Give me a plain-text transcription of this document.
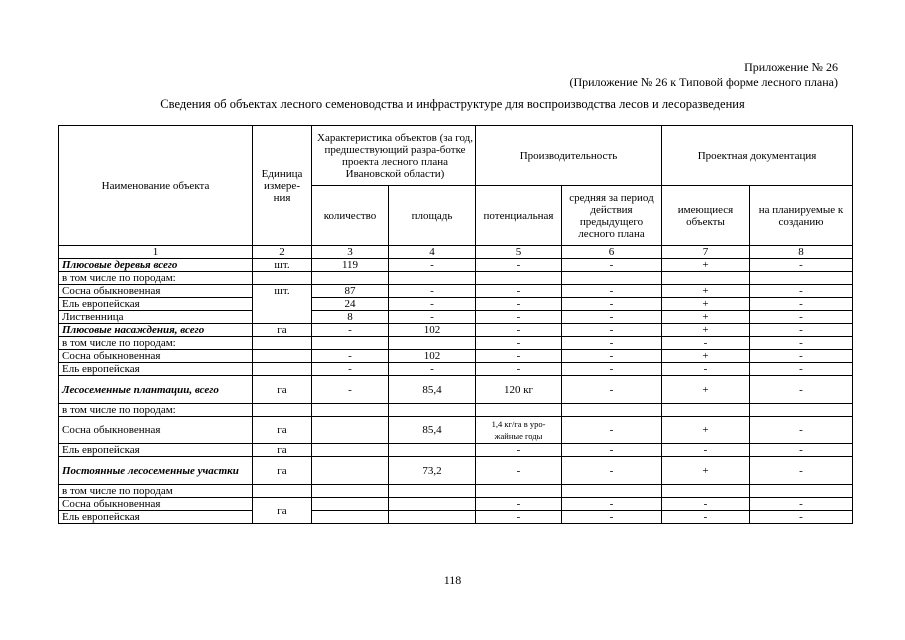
Приложение № 26
(Приложение № 26 к Типовой форме лесного плана)
Сведения об объектах лесного семеноводства и инфраструктуре для воспроизводства лесов и лесоразведения
Наименование объекта	Единица измере-ния	Характеристика объектов (за год, предшествующий разра-ботке проекта лесного плана Ивановской области)		Производительность		Проектная документация	
		количество	площадь	потенциальная	средняя за период действия предыдущего лесного плана	имеющиеся объекты	на планируемые к созданию
1	2	3	4	5	6	7	8
Плюсовые деревья всего	шт.	119	-	-	-	+	-
в том числе по породам:							
Сосна обыкновенная	шт.	87	-	-	-	+	-
Ель европейская		24	-	-	-	+	-
Лиственница		8	-	-	-	+	-
Плюсовые насаждения, всего	га	-	102	-	-	+	-
в том числе по породам:				-	-	-	-
Сосна обыкновенная		-	102	-	-	+	-
Ель европейская		-	-	-	-	-	-
Лесосеменные плантации, всего	га	-	85,4	120 кг	-	+	-
в том числе по породам:							
Сосна обыкновенная	га		85,4	1,4 кг/га в уро-жайные годы	-	+	-
Ель европейская	га			-	-	-	-
Постоянные лесосеменные участки	га		73,2	-	-	+	-
в том числе по породам							
Сосна обыкновенная	га			-	-	-	-
Ель европейская				-	-	-	-
118
